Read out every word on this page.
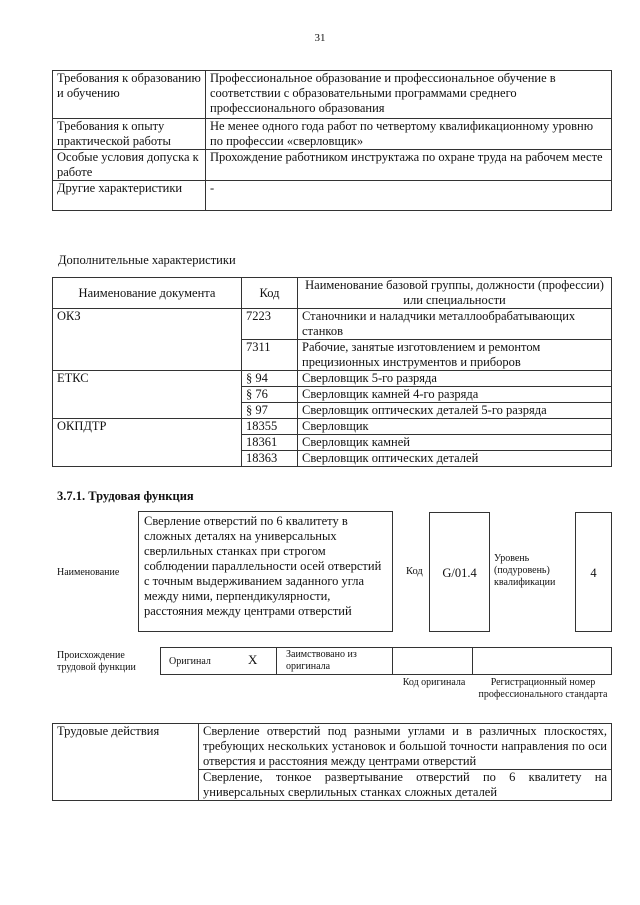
31
Требования к образованию и обучению	Профессиональное образование и профессиональное обучение в соответствии с образовательными программами среднего профессионального образования
Требования к опыту практической работы	Не менее одного года работ по четвертому квалификационному уровню по профессии «сверловщик»
Особые условия допуска к работе	Прохождение работником инструктажа по охране труда на рабочем месте
Другие характеристики	-
Дополнительные характеристики
Наименование документа	Код	Наименование базовой группы, должности (профессии) или специальности
ОКЗ	7223	Станочники и наладчики металлообрабатывающих станков
	7311	Рабочие, занятые изготовлением и ремонтом прецизионных инструментов и приборов
ЕТКС	§ 94	Сверловщик 5-го разряда
	§ 76	Сверловщик камней 4-го разряда
	§ 97	Сверловщик оптических деталей 5-го разряда
ОКПДТР	18355	Сверловщик
	18361	Сверловщик камней
	18363	Сверловщик оптических деталей
3.7.1. Трудовая функция
Наименование
Сверление отверстий по 6 квалитету в сложных деталях на универсальных сверлильных станках при строгом соблюдении параллельности осей отверстий с точным выдерживанием заданного угла между ними, перпендикулярности, расстояния между центрами отверстий
Код	G/01.4
Уровень (подуровень) квалификации
4
Происхождение трудовой функции
Оригинал	X	Заимствовано из оригинала
Код оригинала	Регистрационный номер профессионального стандарта
Трудовые действия	Сверление отверстий под разными углами и в различных плоскостях, требующих нескольких установок и большой точности направления по оси отверстия и расстояния между центрами отверстий
Сверление, тонкое развертывание отверстий по 6 квалитету на универсальных сверлильных станках сложных деталей
